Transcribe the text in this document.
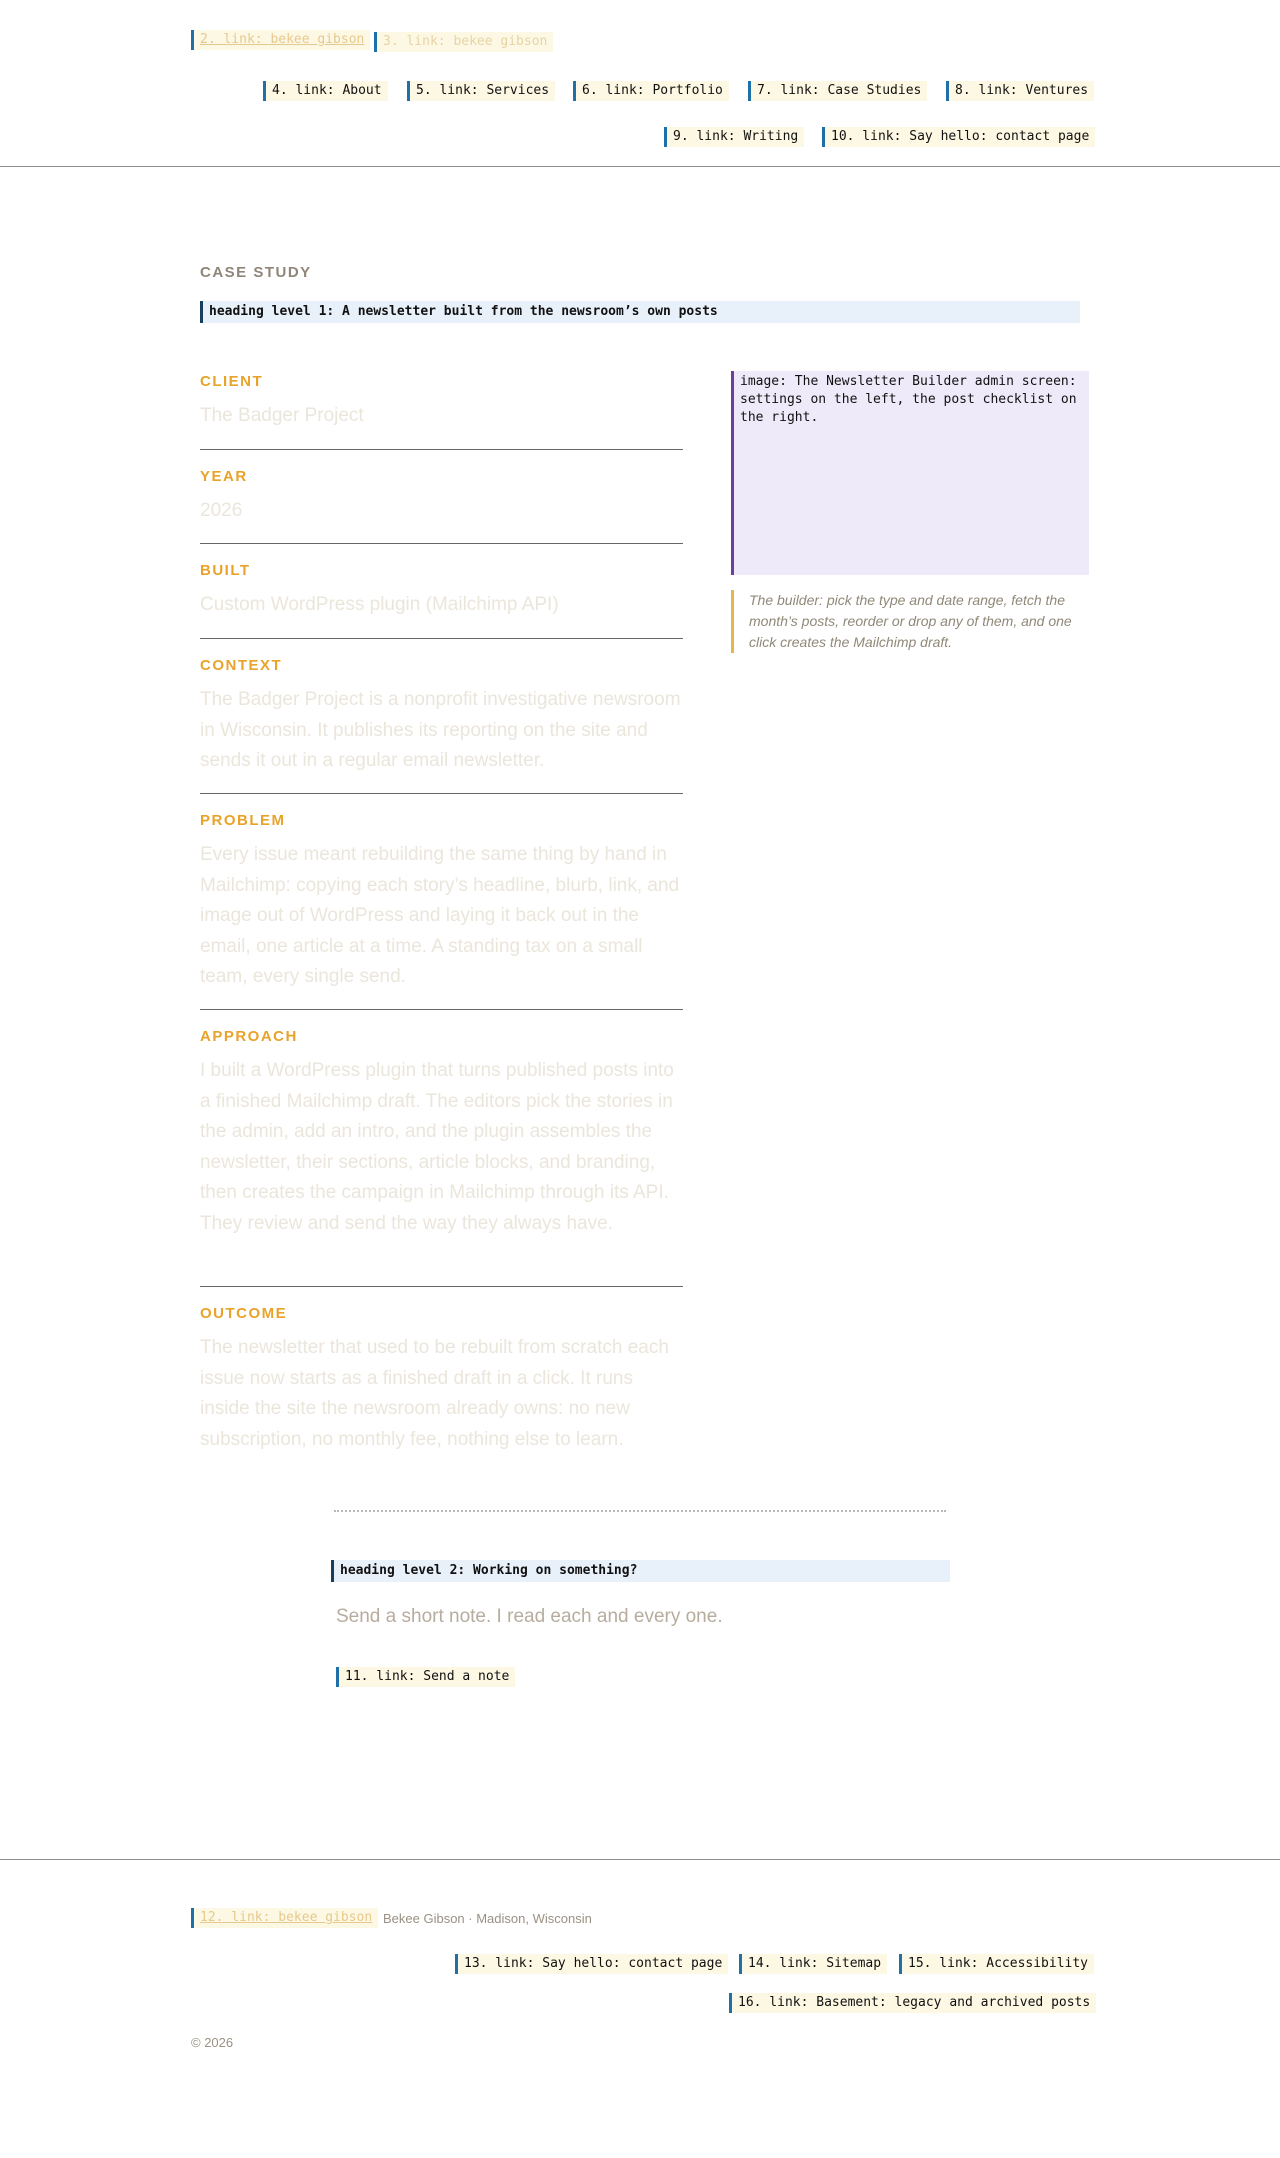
2. link: bekee gibson	3. link: bekee gibson
4. link: About	5. link: Services	6. link: Portfolio	7. link: Case Studies	8. link: Ventures
9. link: Writing	10. link: Say hello: contact page
CASE STUDY
heading level 1: A newsletter built from the newsroom’s own posts
CLIENT
The Badger Project
YEAR
2026
BUILT
Custom WordPress plugin (Mailchimp API)
CONTEXT
The Badger Project is a nonprofit investigative newsroom in Wisconsin. It publishes its reporting on the site and sends it out in a regular email newsletter.
PROBLEM
Every issue meant rebuilding the same thing by hand in Mailchimp: copying each story’s headline, blurb, link, and image out of WordPress and laying it back out in the email, one article at a time. A standing tax on a small team, every single send.
APPROACH
I built a WordPress plugin that turns published posts into a finished Mailchimp draft. The editors pick the stories in the admin, add an intro, and the plugin assembles the newsletter, their sections, article blocks, and branding, then creates the campaign in Mailchimp through its API. They review and send the way they always have.
OUTCOME
The newsletter that used to be rebuilt from scratch each issue now starts as a finished draft in a click. It runs inside the site the newsroom already owns: no new subscription, no monthly fee, nothing else to learn.
image: The Newsletter Builder admin screen: settings on the left, the post checklist on the right.
The builder: pick the type and date range, fetch the month’s posts, reorder or drop any of them, and one click creates the Mailchimp draft.
heading level 2: Working on something?
Send a short note. I read each and every one.
11. link: Send a note
12. link: bekee gibson Bekee Gibson · Madison, Wisconsin
13. link: Say hello: contact page	14. link: Sitemap	15. link: Accessibility
16. link: Basement: legacy and archived posts
© 2026
